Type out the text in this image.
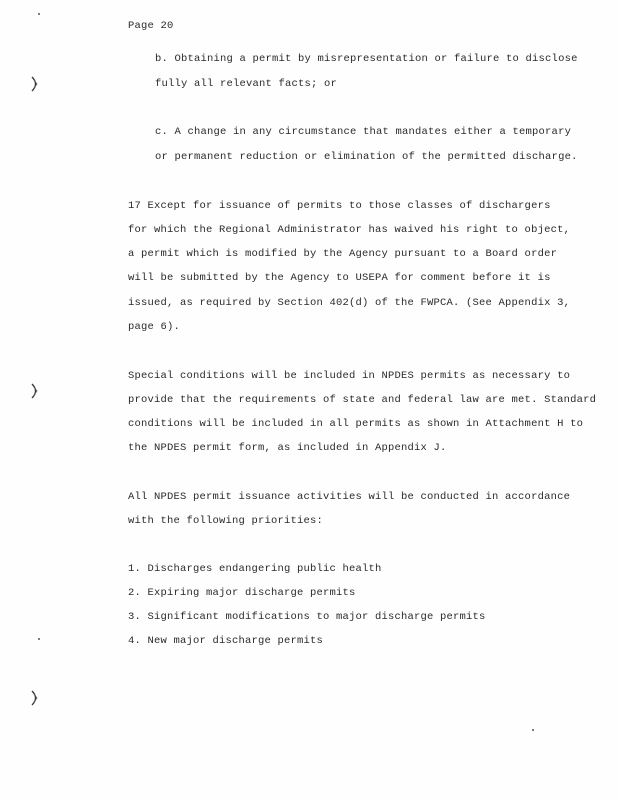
Page 20
b. Obtaining a permit by misrepresentation or failure to disclose
fully all relevant facts; or
c. A change in any circumstance that mandates either a temporary
or permanent reduction or elimination of the permitted discharge.
17 Except for issuance of permits to those classes of dischargers
for which the Regional Administrator has waived his right to object,
a permit which is modified by the Agency pursuant to a Board order
will be submitted by the Agency to USEPA for comment before it is
issued, as required by Section 402(d) of the FWPCA. (See Appendix 3,
page 6).
Special conditions will be included in NPDES permits as necessary to
provide that the requirements of state and federal law are met. Standard
conditions will be included in all permits as shown in Attachment H to
the NPDES permit form, as included in Appendix J.
All NPDES permit issuance activities will be conducted in accordance
with the following priorities:
1. Discharges endangering public health
2. Expiring major discharge permits
3. Significant modifications to major discharge permits
4. New major discharge permits
